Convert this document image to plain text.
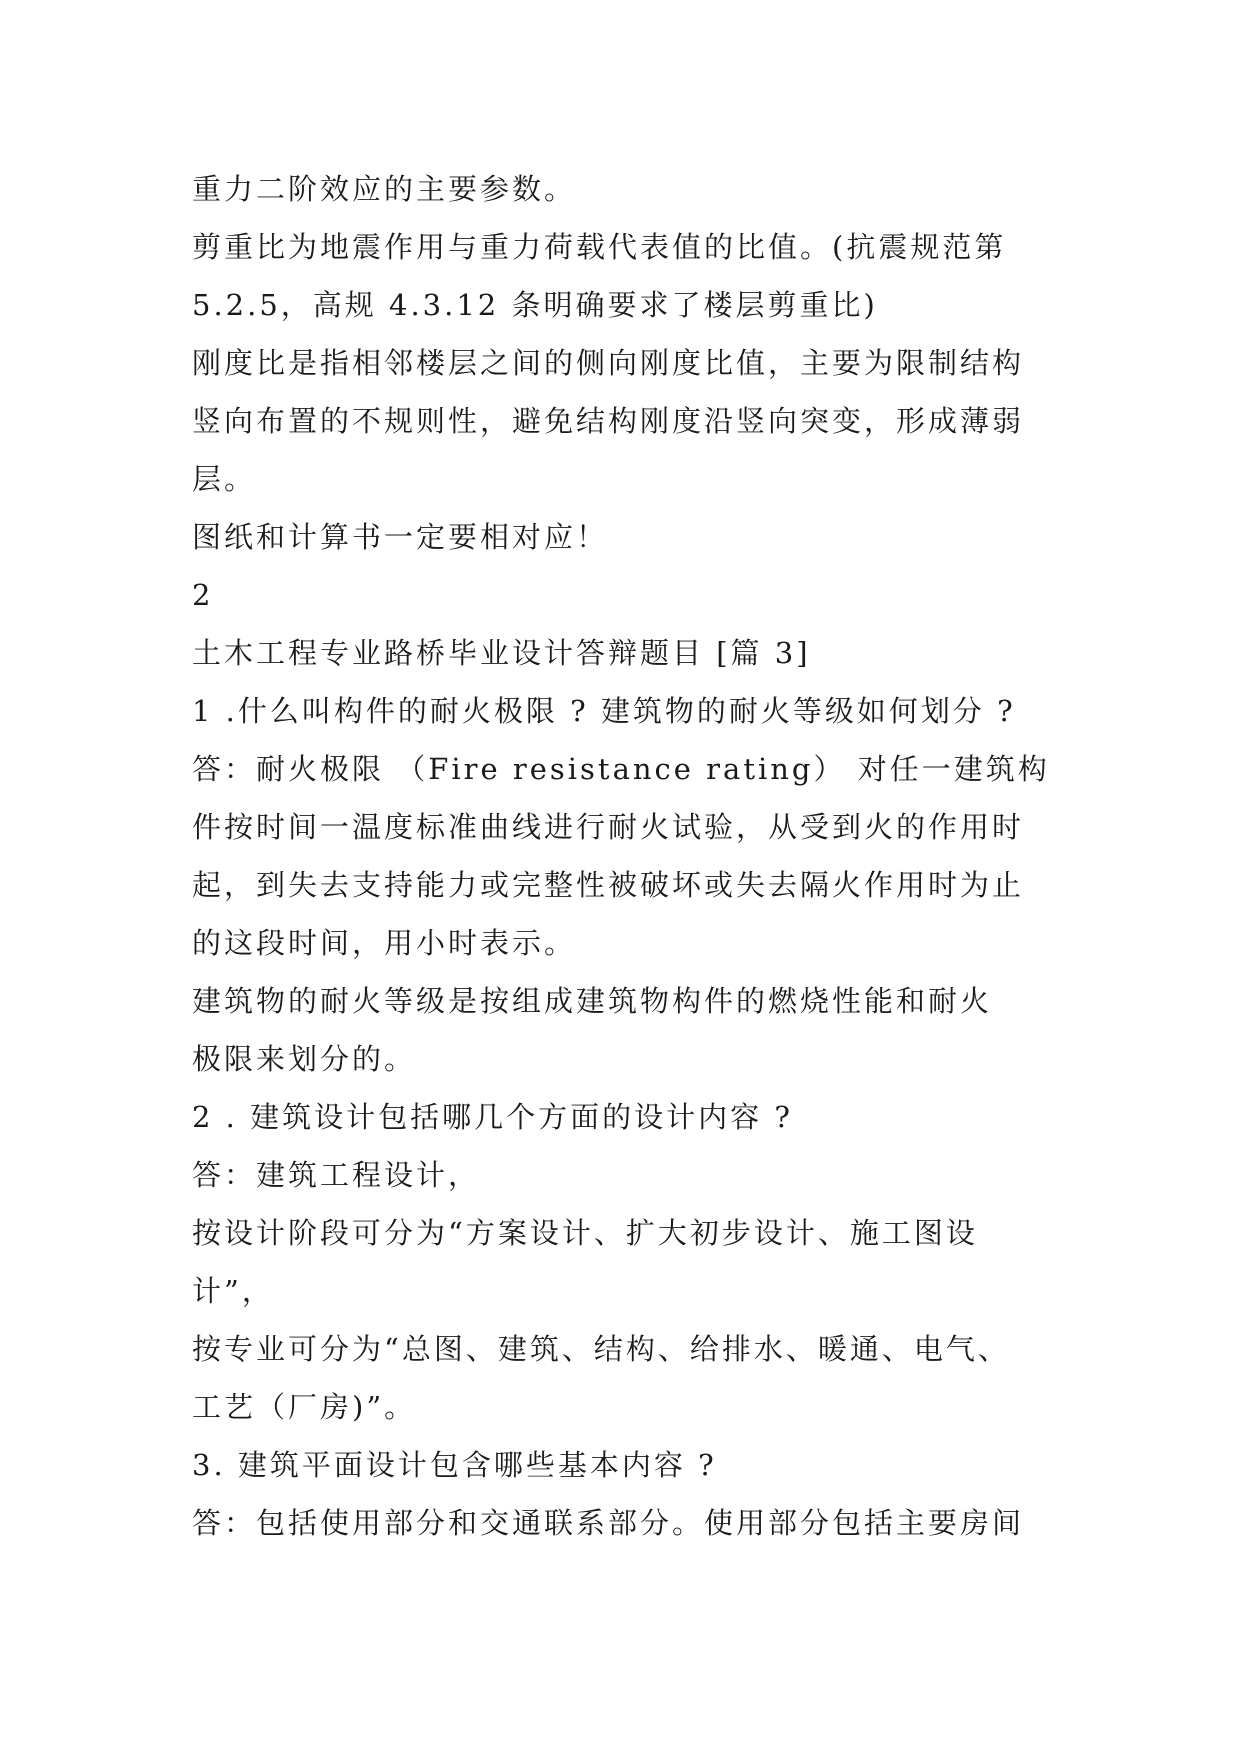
重力二阶效应的主要参数。
剪重比为地震作用与重力荷载代表值的比值。(抗震规范第
5.2.5，高规 4.3.12 条明确要求了楼层剪重比)
刚度比是指相邻楼层之间的侧向刚度比值，主要为限制结构
竖向布置的不规则性，避免结构刚度沿竖向突变，形成薄弱
层。
图纸和计算书一定要相对应！
2
土木工程专业路桥毕业设计答辩题目 [篇 3]
1 .什么叫构件的耐火极限 ? 建筑物的耐火等级如何划分 ?
答：耐火极限 （Fire resistance rating） 对任一建筑构
件按时间一温度标准曲线进行耐火试验，从受到火的作用时
起，到失去支持能力或完整性被破坏或失去隔火作用时为止
的这段时间，用小时表示。
建筑物的耐火等级是按组成建筑物构件的燃烧性能和耐火
极限来划分的。
2 . 建筑设计包括哪几个方面的设计内容 ?
答：建筑工程设计，
按设计阶段可分为“方案设计、扩大初步设计、施工图设
计”，
按专业可分为“总图、建筑、结构、给排水、暖通、电气、
工艺（厂房)”。
3. 建筑平面设计包含哪些基本内容 ?
答：包括使用部分和交通联系部分。使用部分包括主要房间
